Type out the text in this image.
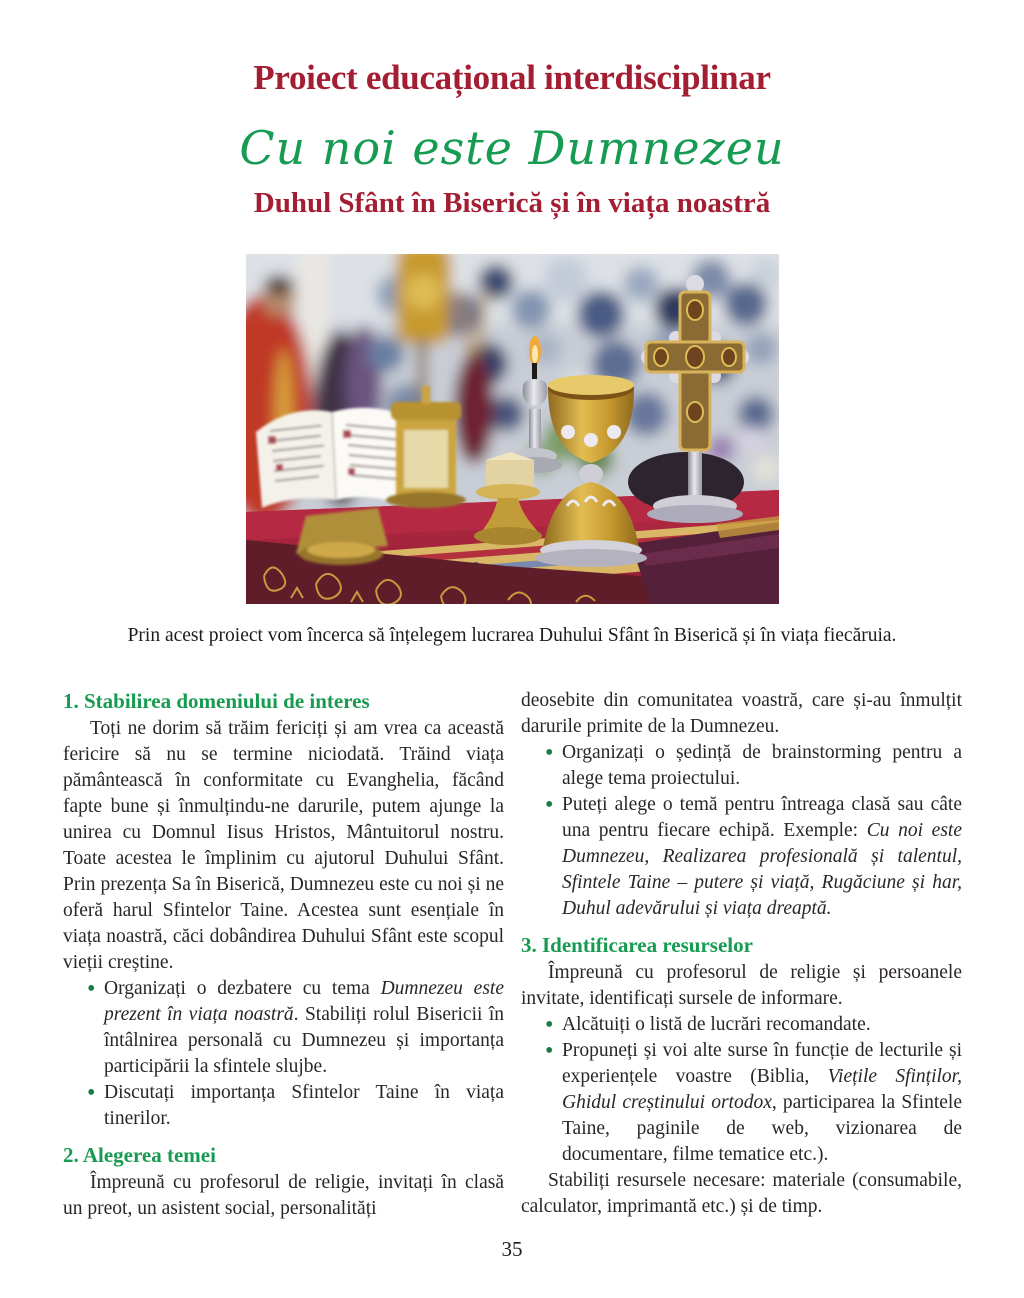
Proiect educațional interdisciplinar
Cu noi este Dumnezeu
Duhul Sfânt în Biserică și în viața noastră

Prin acest proiect vom încerca să înțelegem lucrarea Duhului Sfânt în Biserică și în viața fiecăruia.

1. Stabilirea domeniului de interes

Toți ne dorim să trăim fericiți și am vrea ca această fericire să nu se termine niciodată. Trăind viața pământească în conformitate cu Evanghelia, făcând fapte bune și înmulțindu-ne darurile, putem ajunge la unirea cu Domnul Iisus Hristos, Mântuitorul nostru. Toate acestea le împlinim cu ajutorul Duhului Sfânt. Prin prezența Sa în Biserică, Dumnezeu este cu noi și ne oferă harul Sfintelor Taine. Acestea sunt esențiale în viața noastră, căci dobândirea Duhului Sfânt este scopul vieții creștine.

• Organizați o dezbatere cu tema Dumnezeu este prezent în viața noastră. Stabiliți rolul Bisericii în întâlnirea personală cu Dumnezeu și importanța participării la sfintele slujbe.
• Discutați importanța Sfintelor Taine în viața tinerilor.
2. Alegerea temei

Împreună cu profesorul de religie, invitați în clasă un preot, un asistent social, personalități

deosebite din comunitatea voastră, care și-au înmulțit darurile primite de la Dumnezeu.

• Organizați o ședință de brainstorming pentru a alege tema proiectului.
• Puteți alege o temă pentru întreaga clasă sau câte una pentru fiecare echipă. Exemple: Cu noi este Dumnezeu, Realizarea profesională și talentul, Sfintele Taine – putere și viață, Rugăciune și har, Duhul adevărului și viața dreaptă.
3. Identificarea resurselor

Împreună cu profesorul de religie și persoanele invitate, identificați sursele de informare.

• Alcătuiți o listă de lucrări recomandate.
• Propuneți și voi alte surse în funcție de lecturile și experiențele voastre (Biblia, Viețile Sfinților, Ghidul creștinului ortodox, participarea la Sfintele Taine, paginile de web, vizionarea de documentare, filme tematice etc.).

Stabiliți resursele necesare: materiale (consumabile, calculator, imprimantă etc.) și de timp.

35
